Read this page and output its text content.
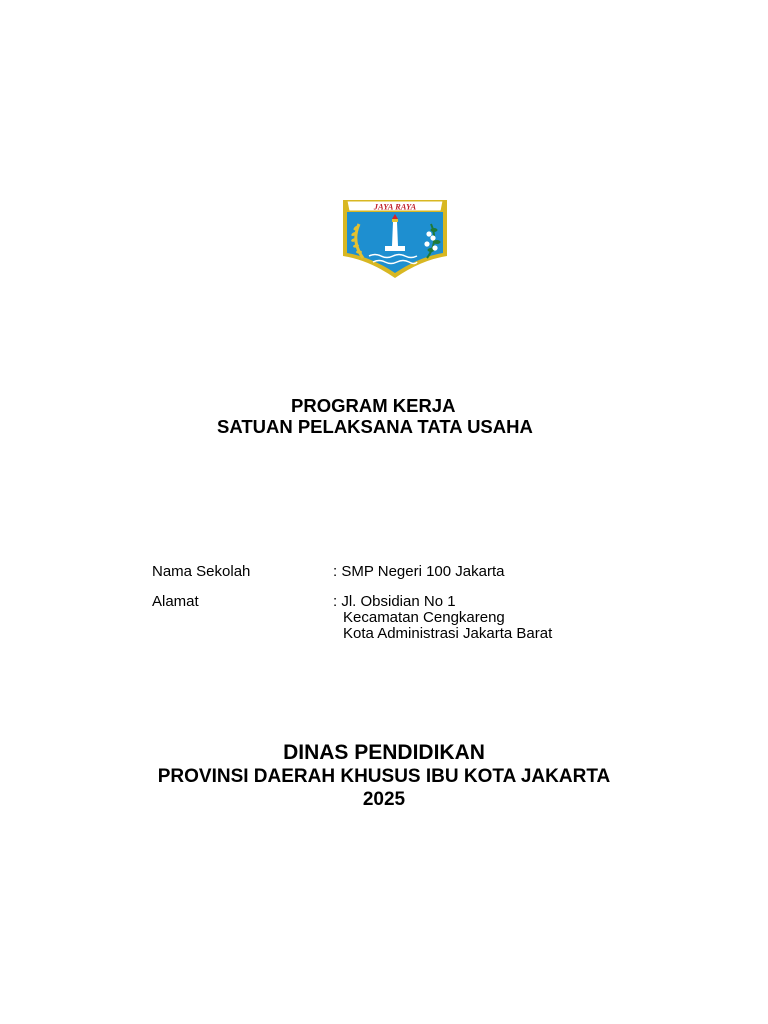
JAYA RAYA
PROGRAM KERJA
SATUAN PELAKSANA TATA USAHA
Nama Sekolah	: SMP Negeri 100 Jakarta
Alamat	: Jl. Obsidian No 1
Kecamatan Cengkareng
Kota Administrasi Jakarta Barat
DINAS PENDIDIKAN
PROVINSI DAERAH KHUSUS IBU KOTA JAKARTA
2025
